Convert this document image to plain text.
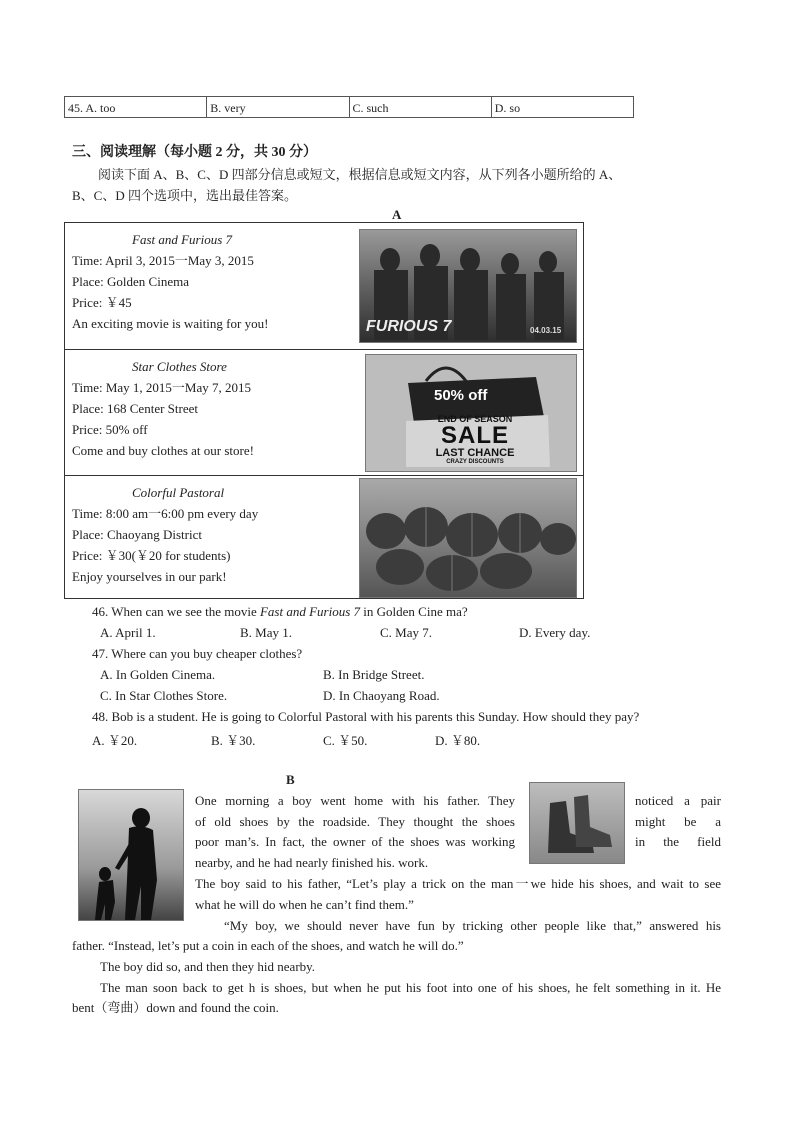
45. A. too	B. very	C. such	D. so
三、阅读理解（每小题 2 分，共 30 分）
阅读下面 A、B、C、D 四部分信息或短文，根据信息或短文内容，从下列各小题所给的 A、B、C、D 四个选项中，选出最佳答案。
A
Fast and Furious 7
Time: April 3, 2015一May 3, 2015
Place: Golden Cinema
Price: ￥45
An exciting movie is waiting for you!	FURIOUS 7	04.03.15
Star Clothes Store
Time: May 1, 2015一May 7, 2015
Place: 168 Center Street
Price: 50% off
Come and buy clothes at our store!
50% off
END OF SEASON
SALE
LAST CHANCE
CRAZY DISCOUNTS
Colorful Pastoral
Time: 8:00 am一6:00 pm every day
Place: Chaoyang District
Price: ￥30(￥20 for students)
Enjoy yourselves in our park!
46. When can we see the movie Fast and Furious 7 in Golden Cine ma?
A. April 1.	B. May 1.	C. May 7.	D. Every day.
47. Where can you buy cheaper clothes?
A. In Golden Cinema.	B. In Bridge Street.
C. In Star Clothes Store.	D. In Chaoyang Road.
48. Bob is a student. He is going to Colorful Pastoral with his parents this Sunday. How should they pay?
A. ￥20.	B. ￥30.	C. ￥50.	D. ￥80.
B
One morning a boy went home with his father. They
of old shoes by the roadside. They thought the shoes
poor man’s. In fact, the owner of the shoes was working
nearby, and he had nearly finished his. work.
noticed a pair
might be a
in the field
The boy said to his father, “Let’s play a trick on the man一we hide his shoes, and wait to see
what he will do when he can’t find them.”
“My boy, we should never have fun by tricking other people like that,” answered his
father. “Instead, let’s put a coin in each of the shoes, and watch he will do.”
The boy did so, and then they hid nearby.
The man soon back to get h is shoes, but when he put his foot into one of his shoes, he felt something in it. He
bent（弯曲）down and found the coin.
